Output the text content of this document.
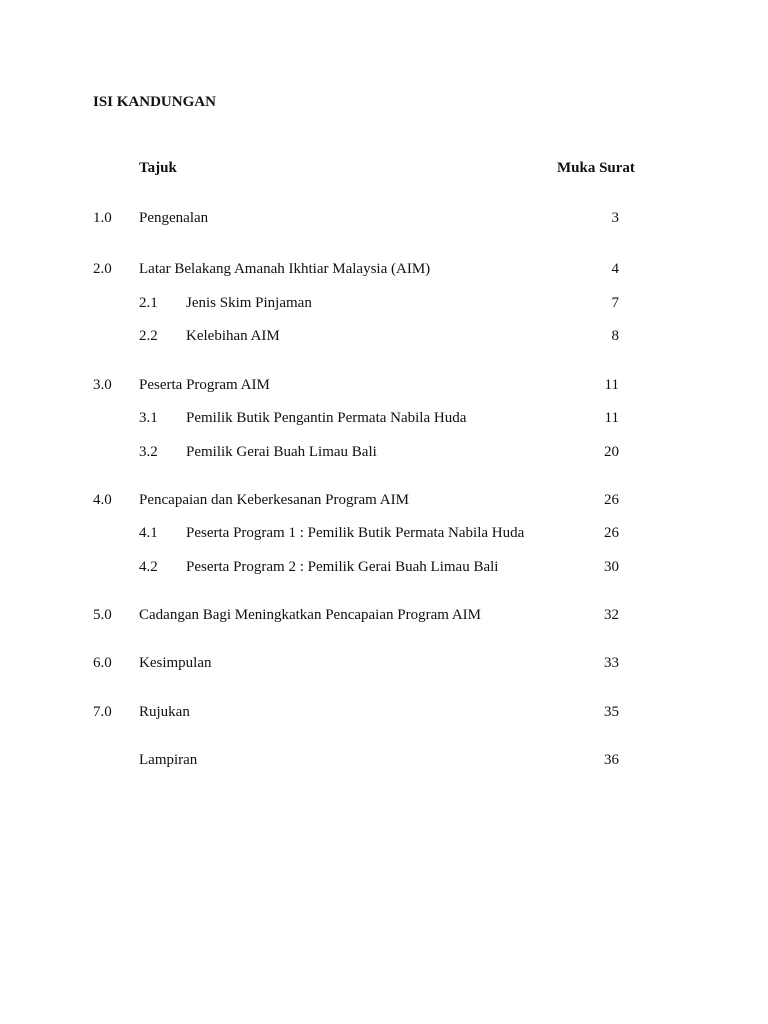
ISI KANDUNGAN
Tajuk	Muka Surat
1.0 Pengenalan	3
2.0 Latar Belakang Amanah Ikhtiar Malaysia (AIM)	4
2.1 Jenis Skim Pinjaman	7
2.2 Kelebihan AIM	8
3.0 Peserta Program AIM	11
3.1 Pemilik Butik Pengantin Permata Nabila Huda	11
3.2 Pemilik Gerai Buah Limau Bali	20
4.0 Pencapaian dan Keberkesanan Program AIM	26
4.1 Peserta Program 1 : Pemilik Butik Permata Nabila Huda	26
4.2 Peserta Program 2 : Pemilik Gerai Buah Limau Bali	30
5.0 Cadangan Bagi Meningkatkan Pencapaian Program AIM	32
6.0 Kesimpulan	33
7.0 Rujukan	35
Lampiran	36
